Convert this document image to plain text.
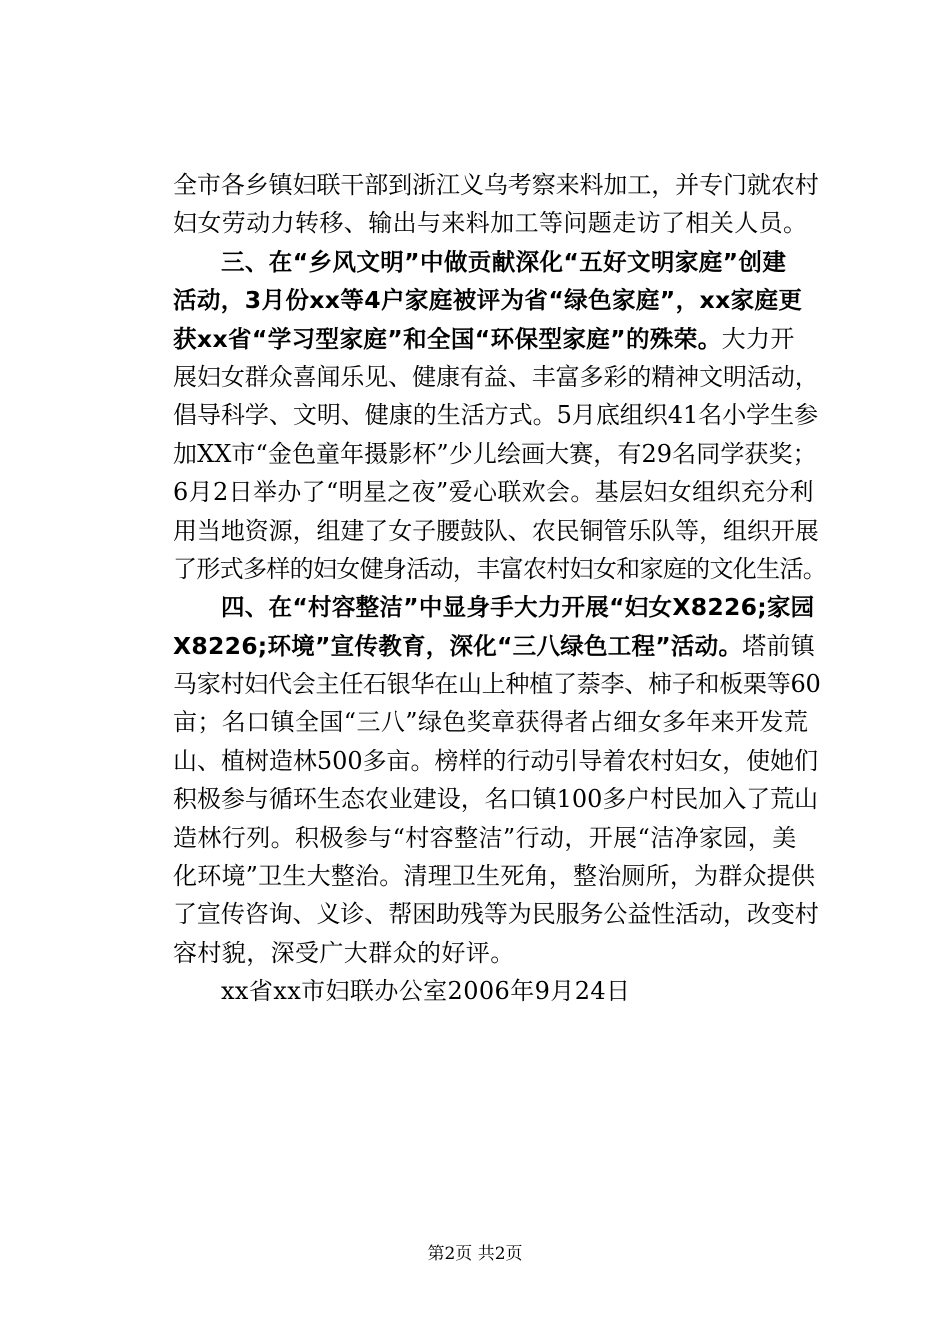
全市各乡镇妇联干部到浙江义乌考察来料加工，并专门就农村
妇女劳动力转移、输出与来料加工等问题走访了相关人员。
三、在“乡风文明”中做贡献深化“五好文明家庭”创建
活动，3月份xx等4户家庭被评为省“绿色家庭”，xx家庭更
获xx省“学习型家庭”和全国“环保型家庭”的殊荣。大力开
展妇女群众喜闻乐见、健康有益、丰富多彩的精神文明活动，
倡导科学、文明、健康的生活方式。5月底组织41名小学生参
加XX市“金色童年摄影杯”少儿绘画大赛，有29名同学获奖；
6月2日举办了“明星之夜”爱心联欢会。基层妇女组织充分利
用当地资源，组建了女子腰鼓队、农民铜管乐队等，组织开展
了形式多样的妇女健身活动，丰富农村妇女和家庭的文化生活。
四、在“村容整洁”中显身手大力开展“妇女X8226;家园
X8226;环境”宣传教育，深化“三八绿色工程”活动。塔前镇
马家村妇代会主任石银华在山上种植了萘李、柿子和板栗等60
亩；名口镇全国“三八”绿色奖章获得者占细女多年来开发荒
山、植树造林500多亩。榜样的行动引导着农村妇女，使她们
积极参与循环生态农业建设，名口镇100多户村民加入了荒山
造林行列。积极参与“村容整洁”行动，开展“洁净家园，美
化环境”卫生大整治。清理卫生死角，整治厕所，为群众提供
了宣传咨询、义诊、帮困助残等为民服务公益性活动，改变村
容村貌，深受广大群众的好评。
xx省xx市妇联办公室2006年9月24日
第2页 共2页
